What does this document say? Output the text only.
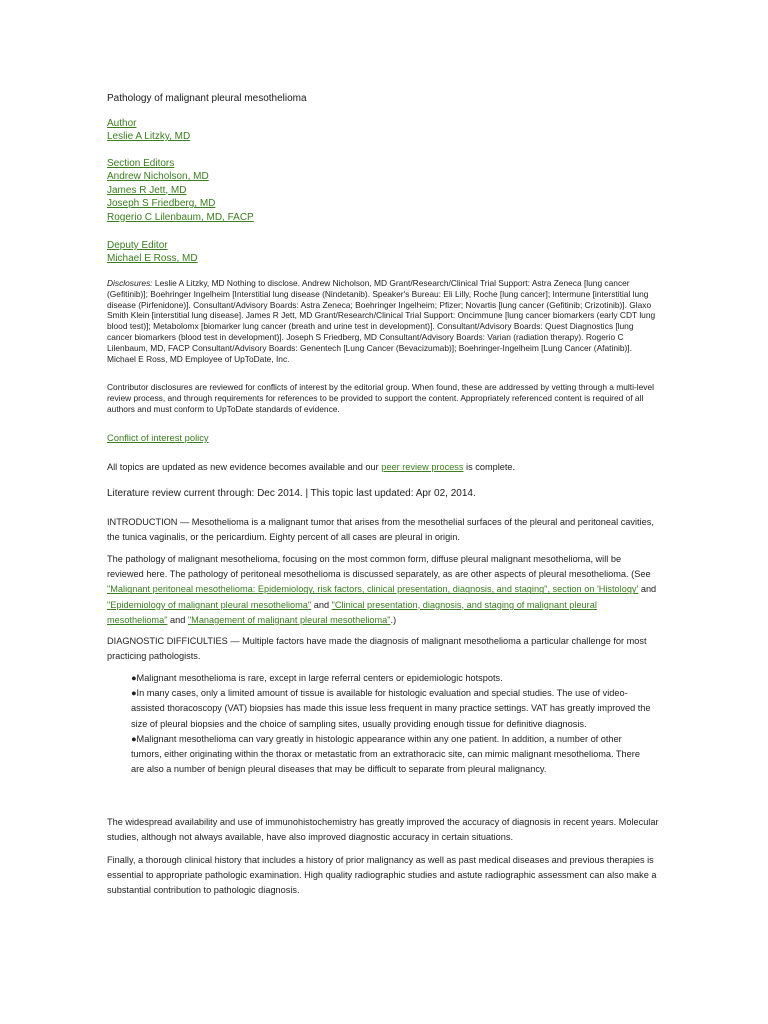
Pathology of malignant pleural mesothelioma
Author
Leslie A Litzky, MD
Section Editors
Andrew Nicholson, MD
James R Jett, MD
Joseph S Friedberg, MD
Rogerio C Lilenbaum, MD, FACP
Deputy Editor
Michael E Ross, MD
Disclosures: Leslie A Litzky, MD Nothing to disclose. Andrew Nicholson, MD Grant/Research/Clinical Trial Support: Astra Zeneca [lung cancer (Gefitinib)]; Boehringer Ingelheim [Interstitial lung disease (Nindetanib). Speaker's Bureau: Eli Lilly, Roche [lung cancer]; Intermune [interstitial lung disease (Pirfenidone)]. Consultant/Advisory Boards: Astra Zeneca; Boehringer Ingelheim; Pfizer; Novartis [lung cancer (Gefitinib; Crizotinib)]. Glaxo Smith Klein [interstitial lung disease]. James R Jett, MD Grant/Research/Clinical Trial Support: Oncimmune [lung cancer biomarkers (early CDT lung blood test)]; Metabolomx [biomarker lung cancer (breath and urine test in development)]. Consultant/Advisory Boards: Quest Diagnostics [lung cancer biomarkers (blood test in development)]. Joseph S Friedberg, MD Consultant/Advisory Boards: Varian (radiation therapy). Rogerio C Lilenbaum, MD, FACP Consultant/Advisory Boards: Genentech [Lung Cancer (Bevacizumab)]; Boehringer-Ingelheim [Lung Cancer (Afatinib)]. Michael E Ross, MD Employee of UpToDate, Inc.
Contributor disclosures are reviewed for conflicts of interest by the editorial group. When found, these are addressed by vetting through a multi-level review process, and through requirements for references to be provided to support the content. Appropriately referenced content is required of all authors and must conform to UpToDate standards of evidence.
Conflict of interest policy
All topics are updated as new evidence becomes available and our peer review process is complete.
Literature review current through: Dec 2014. | This topic last updated: Apr 02, 2014.
INTRODUCTION — Mesothelioma is a malignant tumor that arises from the mesothelial surfaces of the pleural and peritoneal cavities, the tunica vaginalis, or the pericardium. Eighty percent of all cases are pleural in origin.
The pathology of malignant mesothelioma, focusing on the most common form, diffuse pleural malignant mesothelioma, will be reviewed here. The pathology of peritoneal mesothelioma is discussed separately, as are other aspects of pleural mesothelioma. (See "Malignant peritoneal mesothelioma: Epidemiology, risk factors, clinical presentation, diagnosis, and staging", section on 'Histology' and "Epidemiology of malignant pleural mesothelioma" and "Clinical presentation, diagnosis, and staging of malignant pleural mesothelioma" and "Management of malignant pleural mesothelioma".)
DIAGNOSTIC DIFFICULTIES — Multiple factors have made the diagnosis of malignant mesothelioma a particular challenge for most practicing pathologists.
●Malignant mesothelioma is rare, except in large referral centers or epidemiologic hotspots.
●In many cases, only a limited amount of tissue is available for histologic evaluation and special studies. The use of video-assisted thoracoscopy (VAT) biopsies has made this issue less frequent in many practice settings. VAT has greatly improved the size of pleural biopsies and the choice of sampling sites, usually providing enough tissue for definitive diagnosis.
●Malignant mesothelioma can vary greatly in histologic appearance within any one patient. In addition, a number of other tumors, either originating within the thorax or metastatic from an extrathoracic site, can mimic malignant mesothelioma. There are also a number of benign pleural diseases that may be difficult to separate from pleural malignancy.
The widespread availability and use of immunohistochemistry has greatly improved the accuracy of diagnosis in recent years. Molecular studies, although not always available, have also improved diagnostic accuracy in certain situations.
Finally, a thorough clinical history that includes a history of prior malignancy as well as past medical diseases and previous therapies is essential to appropriate pathologic examination. High quality radiographic studies and astute radiographic assessment can also make a substantial contribution to pathologic diagnosis.
